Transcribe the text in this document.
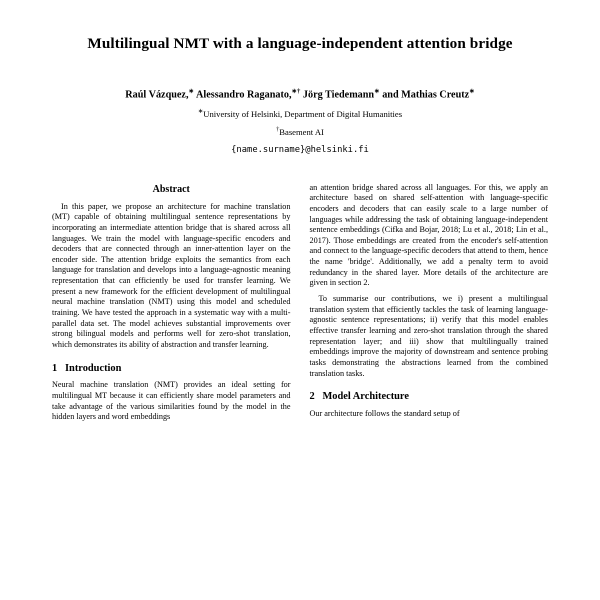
Multilingual NMT with a language-independent attention bridge
Raúl Vázquez,∗ Alessandro Raganato,∗† Jörg Tiedemann∗ and Mathias Creutz∗
∗University of Helsinki, Department of Digital Humanities
†Basement AI
{name.surname}@helsinki.fi
Abstract

In this paper, we propose an architecture for machine translation (MT) capable of obtaining multilingual sentence representations by incorporating an intermediate attention bridge that is shared across all languages. We train the model with language-specific encoders and decoders that are connected through an inner-attention layer on the encoder side. The attention bridge exploits the semantics from each language for translation and develops into a language-agnostic meaning representation that can efficiently be used for transfer learning. We present a new framework for the efficient development of multilingual neural machine translation (NMT) using this model and scheduled training. We have tested the approach in a systematic way with a multi-parallel data set. The model achieves substantial improvements over strong bilingual models and performs well for zero-shot translation, which demonstrates its ability of abstraction and transfer learning.

1 Introduction

Neural machine translation (NMT) provides an ideal setting for multilingual MT because it can efficiently share model parameters and take advantage of the various similarities found by the model in the hidden layers and word embeddings

an attention bridge shared across all languages. For this, we apply an architecture based on shared self-attention with language-specific encoders and decoders that can easily scale to a large number of languages while addressing the task of obtaining language-independent sentence embeddings (Cifka and Bojar, 2018; Lu et al., 2018; Lin et al., 2017). Those embeddings are created from the encoder's self-attention and connect to the language-specific decoders that attend to them, hence the name 'bridge'. Additionally, we add a penalty term to avoid redundancy in the shared layer. More details of the architecture are given in section 2.

To summarise our contributions, we i) present a multilingual translation system that efficiently tackles the task of learning language-agnostic sentence representations; ii) verify that this model enables effective transfer learning and zero-shot translation through the shared representation layer; and iii) show that multilingually trained embeddings improve the majority of downstream and sentence probing tasks demonstrating the abstractions learned from the combined translation tasks.

2 Model Architecture

Our architecture follows the standard setup of
